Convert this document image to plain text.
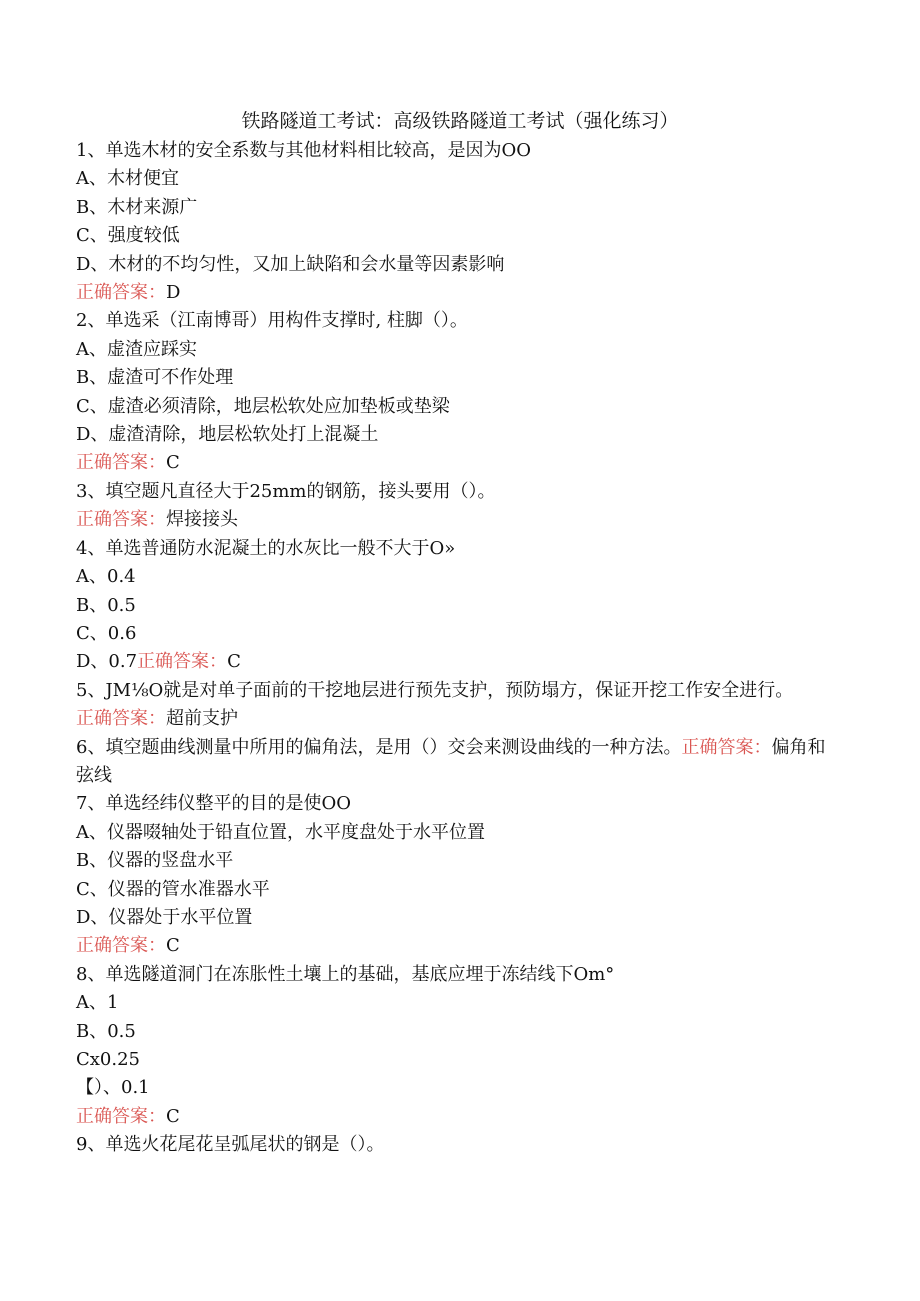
铁路隧道工考试：高级铁路隧道工考试（强化练习）

1、单选木材的安全系数与其他材料相比较高，是因为OO

A、木材便宜

B、木材来源广

C、强度较低

D、木材的不均匀性，又加上缺陷和会水量等因素影响

正确答案：D

2、单选采（江南博哥）用构件支撑时, 柱脚（）。

A、虚渣应踩实

B、虚渣可不作处理

C、虚渣必须清除，地层松软处应加垫板或垫梁

D、虚渣清除，地层松软处打上混凝土

正确答案：C

3、填空题凡直径大于25mm的钢筋，接头要用（）。

正确答案：焊接接头

4、单选普通防水泥凝土的水灰比一般不大于O»

A、0.4

B、0.5

C、0.6

D、0.7正确答案：C

5、JM⅛O就是对单子面前的干挖地层进行预先支护，预防塌方，保证开挖工作安全进行。

正确答案：超前支护

6、填空题曲线测量中所用的偏角法，是用（）交会来测设曲线的一种方法。正确答案：偏角和弦线

7、单选经纬仪整平的目的是使OO

A、仪器啜轴处于铅直位置，水平度盘处于水平位置

B、仪器的竖盘水平

C、仪器的管水准器水平

D、仪器处于水平位置

正确答案：C

8、单选隧道洞门在冻胀性土壤上的基础，基底应埋于冻结线下Om°

A、1

B、0.5

Cx0.25

【）、0.1

正确答案：C

9、单选火花尾花呈弧尾状的钢是（）。
